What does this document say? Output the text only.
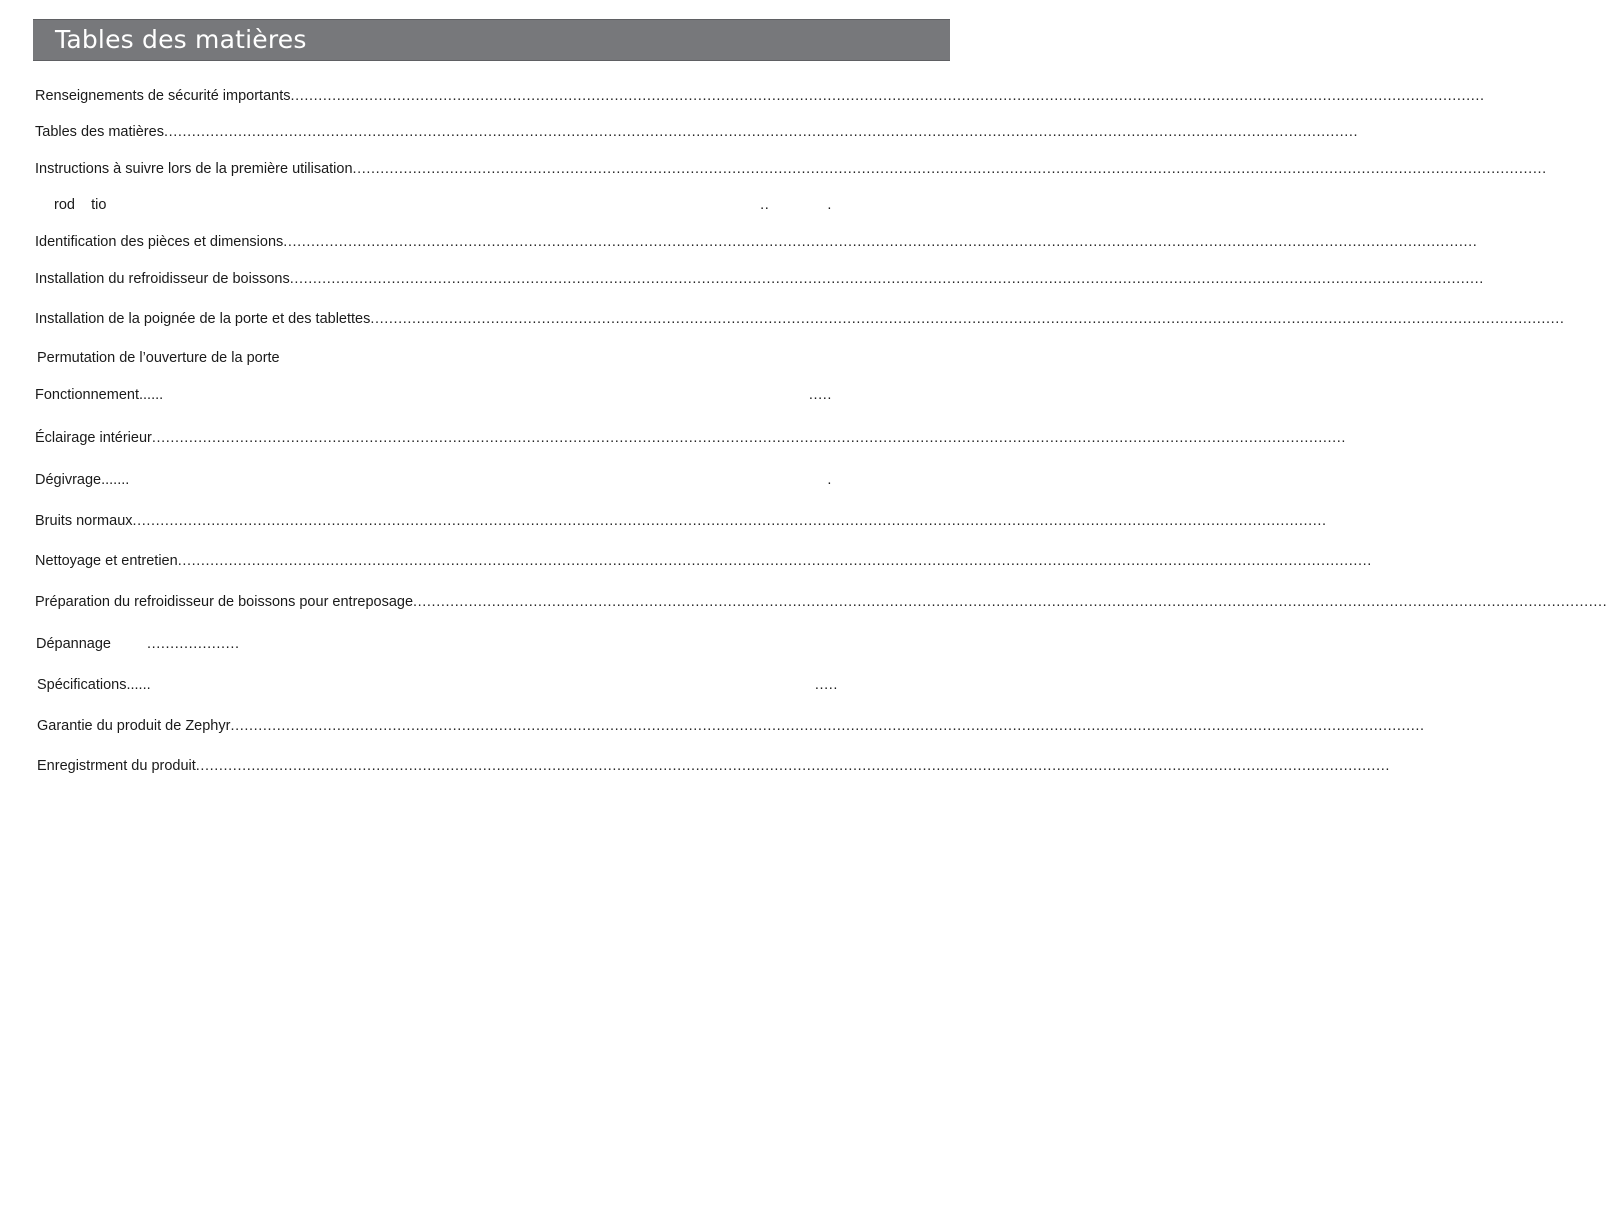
Tables des matières
Renseignements de sécurité importants ..................................................................................................................................................................................................................................................................
Tables des matières ..................................................................................................................................................................................................................................................................
Instructions à suivre lors de la première utilisation ..................................................................................................................................................................................................................................................................
rod    tio	..	.
Identification des pièces et dimensions ..................................................................................................................................................................................................................................................................
Installation du refroidisseur de boissons ..................................................................................................................................................................................................................................................................
Installation de la poignée de la porte et des tablettes ..................................................................................................................................................................................................................................................................
Permutation de l’ouverture de la porte
Fonctionnement......	.....
Éclairage intérieur ..................................................................................................................................................................................................................................................................
Dégivrage.......	.
Bruits normaux ..................................................................................................................................................................................................................................................................
Nettoyage et entretien ..................................................................................................................................................................................................................................................................
Préparation du refroidisseur de boissons pour entreposage ..................................................................................................................................................................................................................................................................
Dépannage ....................
Spécifications......	.....
Garantie du produit de Zephyr ..................................................................................................................................................................................................................................................................
Enregistrment du produit ..................................................................................................................................................................................................................................................................
